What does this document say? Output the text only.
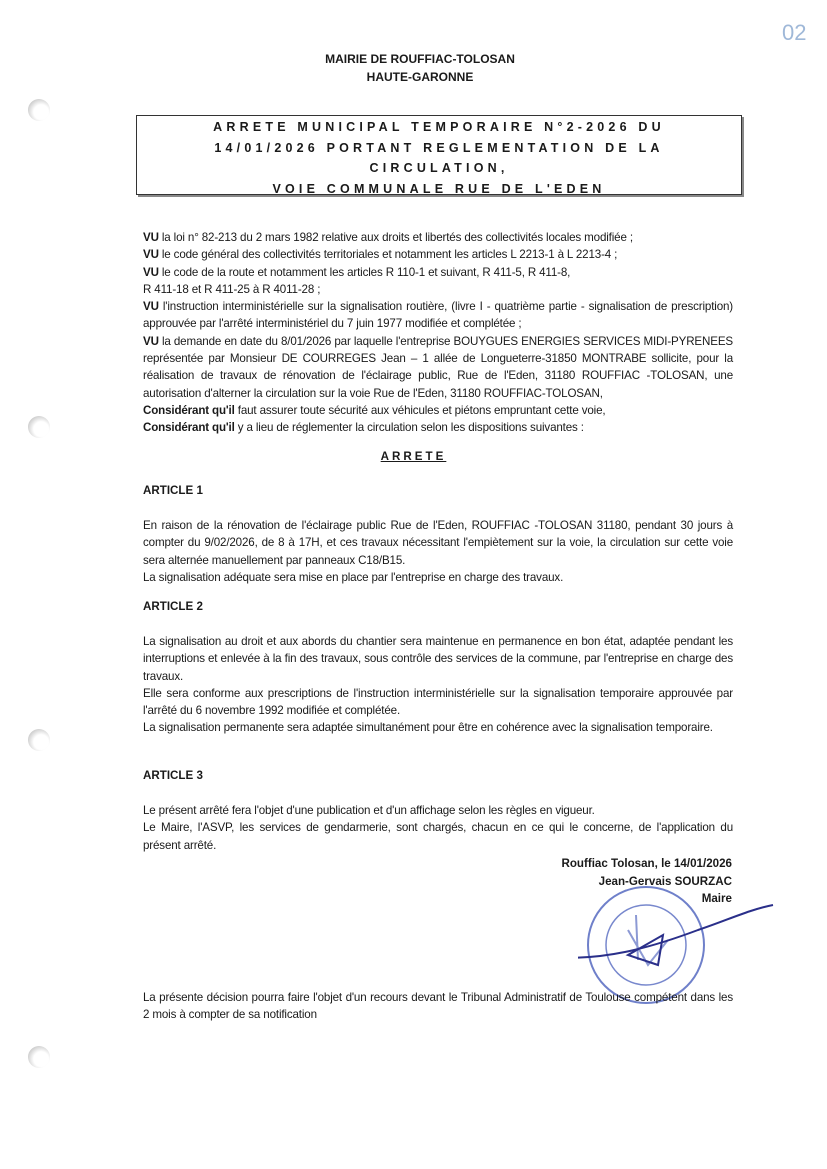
02
MAIRIE DE ROUFFIAC-TOLOSAN
HAUTE-GARONNE
ARRETE MUNICIPAL TEMPORAIRE N°2-2026 DU
14/01/2026 PORTANT REGLEMENTATION DE LA
CIRCULATION,
VOIE COMMUNALE RUE DE L'EDEN

VU la loi n° 82-213 du 2 mars 1982 relative aux droits et libertés des collectivités locales modifiée ;

VU le code général des collectivités territoriales et notamment les articles L 2213-1 à L 2213-4 ;

VU le code de la route et notamment les articles R 110-1 et suivant, R 411-5, R 411-8,

R 411-18 et R 411-25 à R 4011-28 ;

VU l'instruction interministérielle sur la signalisation routière, (livre I - quatrième partie - signalisation de prescription) approuvée par l'arrêté interministériel du 7 juin 1977 modifiée et complétée ;

VU la demande en date du 8/01/2026 par laquelle l'entreprise BOUYGUES ENERGIES SERVICES MIDI-PYRENEES représentée par Monsieur DE COURREGES Jean – 1 allée de Longueterre-31850 MONTRABE sollicite, pour la réalisation de travaux de rénovation de l'éclairage public, Rue de l'Eden, 31180 ROUFFIAC -TOLOSAN, une autorisation d'alterner la circulation sur la voie Rue de l'Eden, 31180 ROUFFIAC-TOLOSAN,

Considérant qu'il faut assurer toute sécurité aux véhicules et piétons empruntant cette voie,

Considérant qu'il y a lieu de réglementer la circulation selon les dispositions suivantes :

ARRETE
ARTICLE 1

En raison de la rénovation de l'éclairage public Rue de l'Eden, ROUFFIAC -TOLOSAN 31180, pendant 30 jours à compter du 9/02/2026, de 8 à 17H, et ces travaux nécessitant l'empiètement sur la voie, la circulation sur cette voie sera alternée manuellement par panneaux C18/B15.

La signalisation adéquate sera mise en place par l'entreprise en charge des travaux.

ARTICLE 2

La signalisation au droit et aux abords du chantier sera maintenue en permanence en bon état, adaptée pendant les interruptions et enlevée à la fin des travaux, sous contrôle des services de la commune, par l'entreprise en charge des travaux.

Elle sera conforme aux prescriptions de l'instruction interministérielle sur la signalisation temporaire approuvée par l'arrêté du 6 novembre 1992 modifiée et complétée.

La signalisation permanente sera adaptée simultanément pour être en cohérence avec la signalisation temporaire.

ARTICLE 3

Le présent arrêté fera l'objet d'une publication et d'un affichage selon les règles en vigueur.

Le Maire, l'ASVP, les services de gendarmerie, sont chargés, chacun en ce qui le concerne, de l'application du présent arrêté.

Rouffiac Tolosan, le 14/01/2026
Jean-Gervais SOURZAC
Maire
La présente décision pourra faire l'objet d'un recours devant le Tribunal Administratif de Toulouse compétent dans les 2 mois à compter de sa notification
